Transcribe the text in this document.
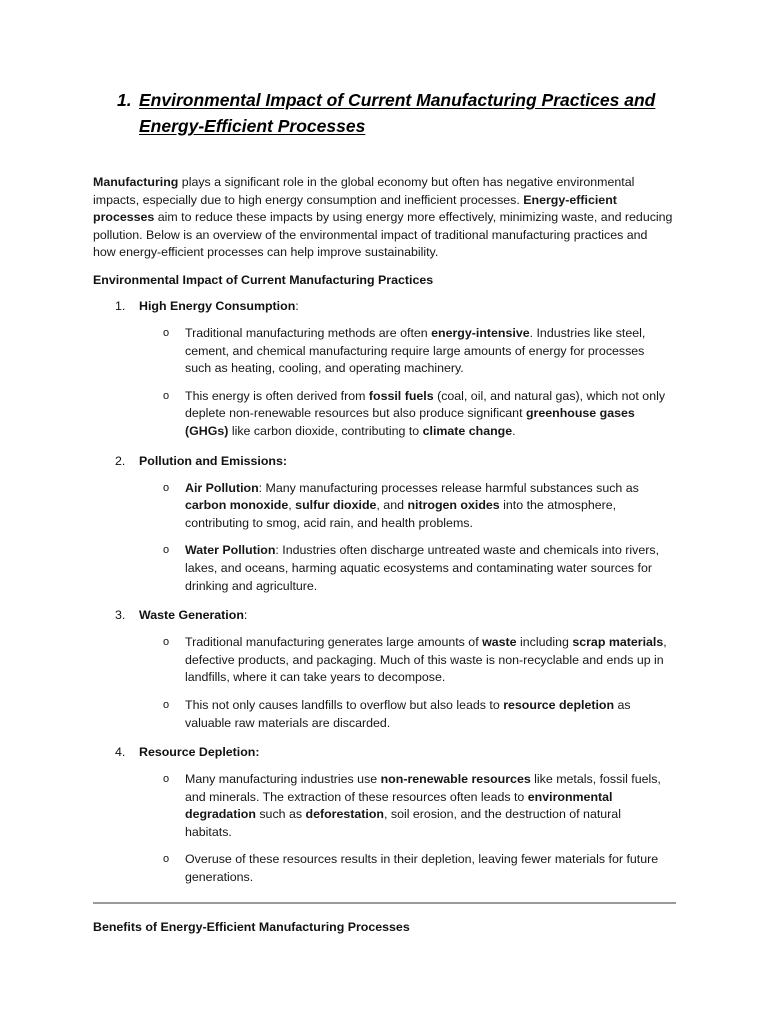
1. Environmental Impact of Current Manufacturing Practices and Energy-Efficient Processes
Manufacturing plays a significant role in the global economy but often has negative environmental impacts, especially due to high energy consumption and inefficient processes. Energy-efficient processes aim to reduce these impacts by using energy more effectively, minimizing waste, and reducing pollution. Below is an overview of the environmental impact of traditional manufacturing practices and how energy-efficient processes can help improve sustainability.
Environmental Impact of Current Manufacturing Practices
1. High Energy Consumption:
o Traditional manufacturing methods are often energy-intensive. Industries like steel, cement, and chemical manufacturing require large amounts of energy for processes such as heating, cooling, and operating machinery.
o This energy is often derived from fossil fuels (coal, oil, and natural gas), which not only deplete non-renewable resources but also produce significant greenhouse gases (GHGs) like carbon dioxide, contributing to climate change.
2. Pollution and Emissions:
o Air Pollution: Many manufacturing processes release harmful substances such as carbon monoxide, sulfur dioxide, and nitrogen oxides into the atmosphere, contributing to smog, acid rain, and health problems.
o Water Pollution: Industries often discharge untreated waste and chemicals into rivers, lakes, and oceans, harming aquatic ecosystems and contaminating water sources for drinking and agriculture.
3. Waste Generation:
o Traditional manufacturing generates large amounts of waste including scrap materials, defective products, and packaging. Much of this waste is non-recyclable and ends up in landfills, where it can take years to decompose.
o This not only causes landfills to overflow but also leads to resource depletion as valuable raw materials are discarded.
4. Resource Depletion:
o Many manufacturing industries use non-renewable resources like metals, fossil fuels, and minerals. The extraction of these resources often leads to environmental degradation such as deforestation, soil erosion, and the destruction of natural habitats.
o Overuse of these resources results in their depletion, leaving fewer materials for future generations.
Benefits of Energy-Efficient Manufacturing Processes
